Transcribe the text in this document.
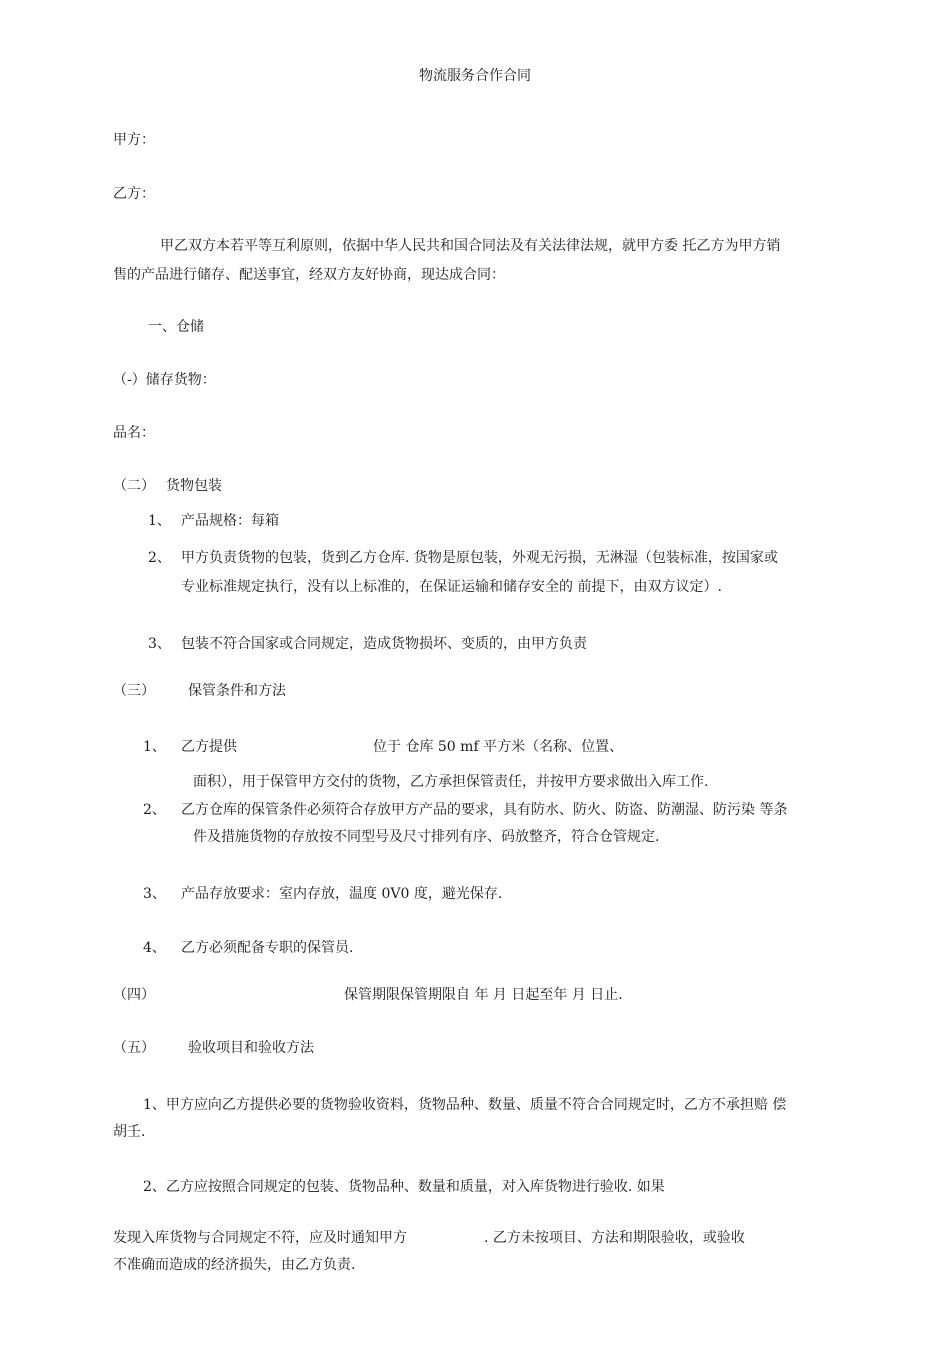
物流服务合作合同
甲方：
乙方：
甲乙双方本若平等互利原则，依据中华人民共和国合同法及有关法律法规，就甲方委 托乙方为甲方销
售的产品进行储存、配送事宜，经双方友好协商，现达成合同：
一、仓储
（-）储存货物：
品名：
（二） 货物包装
1、 产品规格：每箱
2、 甲方负责货物的包装，货到乙方仓库. 货物是原包装，外观无污损，无淋湿（包装标准，按国家或
专业标准规定执行，没有以上标准的，在保证运输和储存安全的 前提下，由双方议定）.
3、 包装不符合国家或合同规定，造成货物损坏、变质的，由甲方负责
（三） 保管条件和方法
1、 乙方提供	位于 仓库 50 mf 平方米（名称、位置、
面积），用于保管甲方交付的货物，乙方承担保管责任，并按甲方要求做出入库工作.
2、 乙方仓库的保管条件必须符合存放甲方产品的要求，具有防水、防火、防盗、防潮湿、防污染 等条
件及措施货物的存放按不同型号及尺寸排列有序、码放整齐，符合仓管规定.
3、 产品存放要求：室内存放，温度 0V0 度，避光保存.
4、 乙方必须配备专职的保管员.
（四）	保管期限保管期限自 年 月 日起至年 月 日止.
（五） 验收项目和验收方法
1、甲方应向乙方提供必要的货物验收资料，货物品种、数量、质量不符合合同规定时，乙方不承担赔 偿
胡壬.
2、乙方应按照合同规定的包装、货物品种、数量和质量，对入库货物进行验收. 如果
发现入库货物与合同规定不符，应及时通知甲方	. 乙方未按项目、方法和期限验收，或验收
不准确而造成的经济损失，由乙方负责.
